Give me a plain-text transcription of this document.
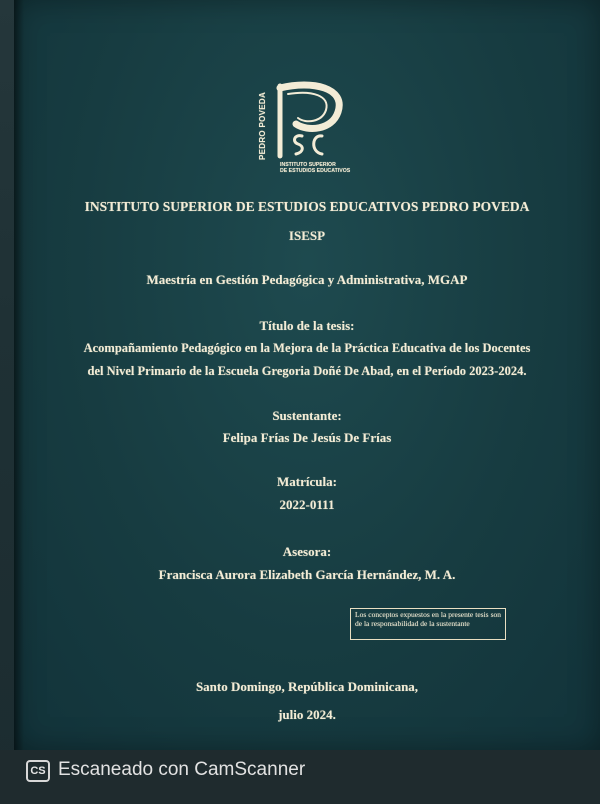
PEDRO POVEDA
INSTITUTO SUPERIOR
DE ESTUDIOS EDUCATIVOS
INSTITUTO SUPERIOR DE ESTUDIOS EDUCATIVOS PEDRO POVEDA
ISESP
Maestría en Gestión Pedagógica y Administrativa, MGAP
Título de la tesis:
Acompañamiento Pedagógico en la Mejora de la Práctica Educativa de los Docentes
del Nivel Primario de la Escuela Gregoria Doñé De Abad, en el Período 2023-2024.
Sustentante:
Felipa Frías De Jesús De Frías
Matrícula:
2022-0111
Asesora:
Francisca Aurora Elizabeth García Hernández, M. A.
Los conceptos expuestos en la presente tesis son de la responsabilidad de la sustentante
Santo Domingo, República Dominicana,
julio 2024.
CS Escaneado con CamScanner
